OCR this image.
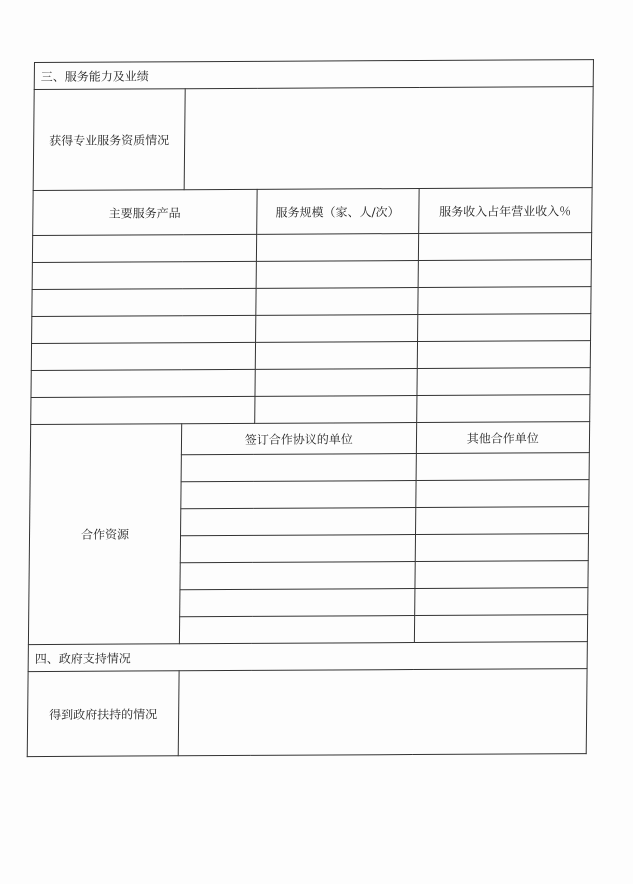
三、服务能力及业绩			
获得专业服务资质情况			
主要服务产品		服务规模（家、人/次）	服务收入占年营业收入％

合作资源	签订合作协议的单位		其他合作单位

四、政府支持情况			
得到政府扶持的情况			
